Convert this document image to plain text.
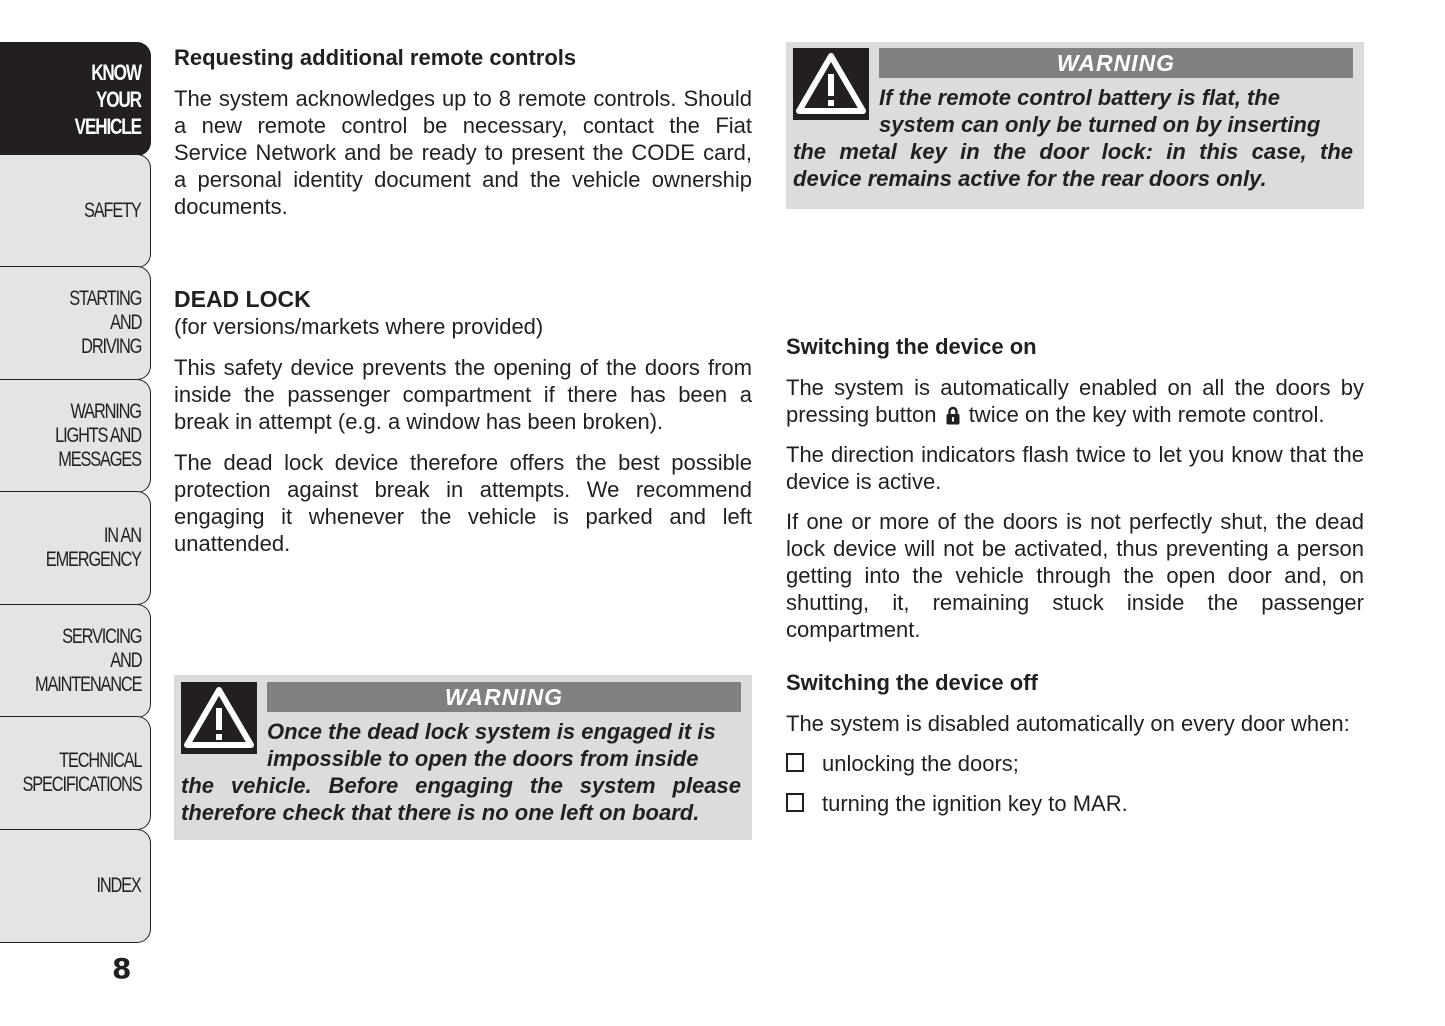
KNOW
YOUR
VEHICLE
SAFETY
STARTING
AND
DRIVING
WARNING
LIGHTS AND
MESSAGES
IN AN
EMERGENCY
SERVICING
AND
MAINTENANCE
TECHNICAL
SPECIFICATIONS
INDEX
8
Requesting additional remote controls

The system acknowledges up to 8 remote controls. Should a new remote control be necessary, contact the Fiat Service Network and be ready to present the CODE card, a personal identity document and the vehicle ownership documents.

DEAD LOCK
(for versions/markets where provided)

This safety device prevents the opening of the doors from inside the passenger compartment if there has been a break in attempt (e.g. a window has been broken).

The dead lock device therefore offers the best possible protection against break in attempts. We recommend engaging it whenever the vehicle is parked and left unattended.

WARNING
Once the dead lock system is engaged it is
impossible to open the doors from inside
the vehicle. Before engaging the system please therefore check that there is no one left on board.
WARNING
If the remote control battery is flat, the
system can only be turned on by inserting
the metal key in the door lock: in this case, the device remains active for the rear doors only.
Switching the device on

The system is automatically enabled on all the doors by pressing button twice on the key with remote control.

The direction indicators flash twice to let you know that the device is active.

If one or more of the doors is not perfectly shut, the dead lock device will not be activated, thus preventing a person getting into the vehicle through the open door and, on shutting, it, remaining stuck inside the passenger compartment.

Switching the device off

The system is disabled automatically on every door when:

unlocking the doors;
turning the ignition key to MAR.
